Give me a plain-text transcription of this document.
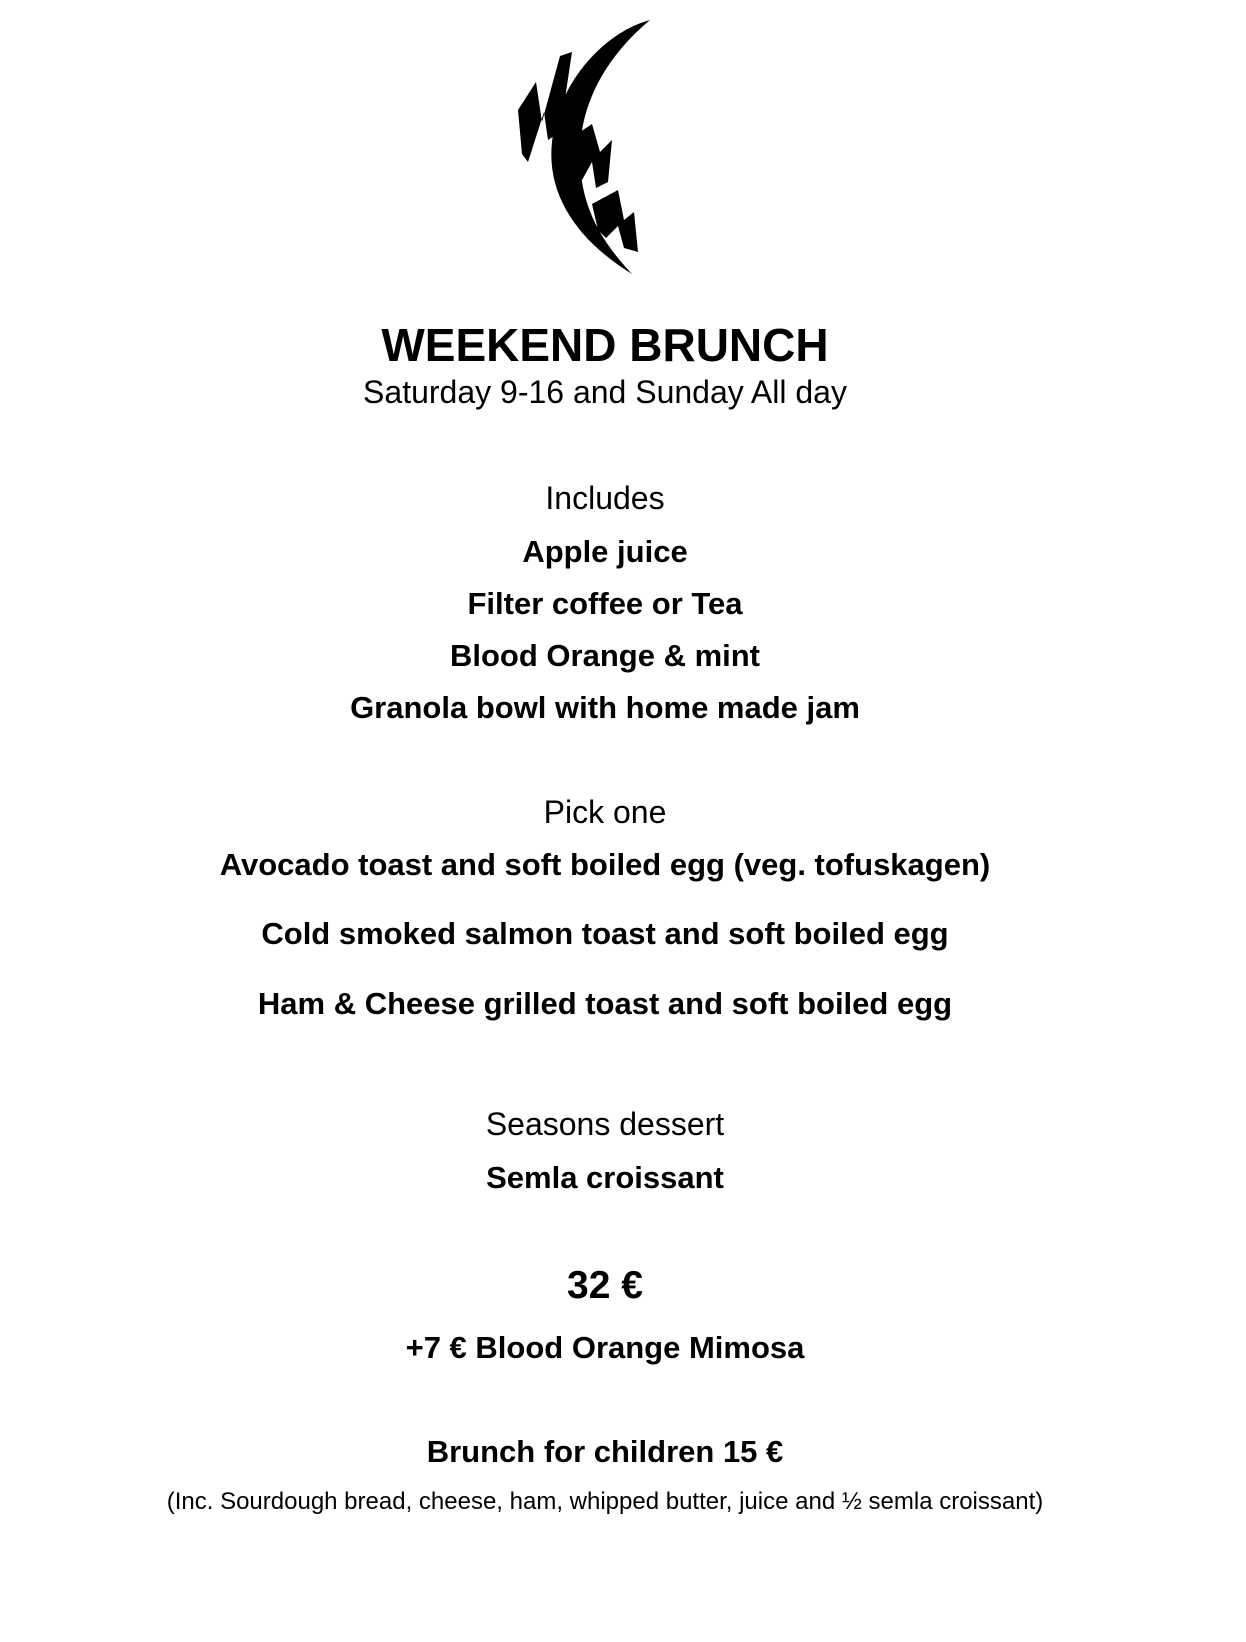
WEEKEND BRUNCH
Saturday 9-16 and Sunday All day
Includes
Apple juice
Filter coffee or Tea
Blood Orange & mint
Granola bowl with home made jam
Pick one
Avocado toast and soft boiled egg (veg. tofuskagen)
Cold smoked salmon toast and soft boiled egg
Ham & Cheese grilled toast and soft boiled egg
Seasons dessert
Semla croissant
32 €
+7 € Blood Orange Mimosa
Brunch for children 15 €
(Inc. Sourdough bread, cheese, ham, whipped butter, juice and ½ semla croissant)
